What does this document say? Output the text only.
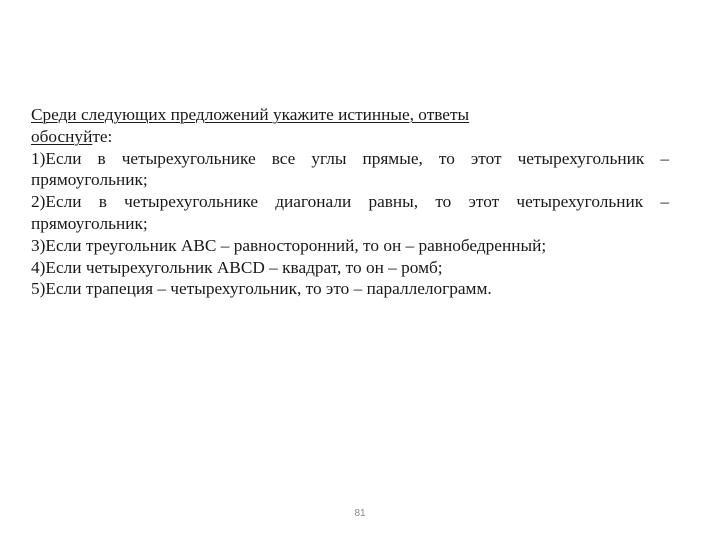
Среди следующих предложений укажите истинные, ответы
обоснуйте:
1)Если в четырехугольнике все углы прямые, то этот четырехугольник –
прямоугольник;
2)Если в четырехугольнике диагонали равны, то этот четырехугольник –
прямоугольник;
3)Если треугольник ABC – равносторонний, то он – равнобедренный;
4)Если четырехугольник ABCD – квадрат, то он – ромб;
5)Если трапеция – четырехугольник, то это – параллелограмм.
81
